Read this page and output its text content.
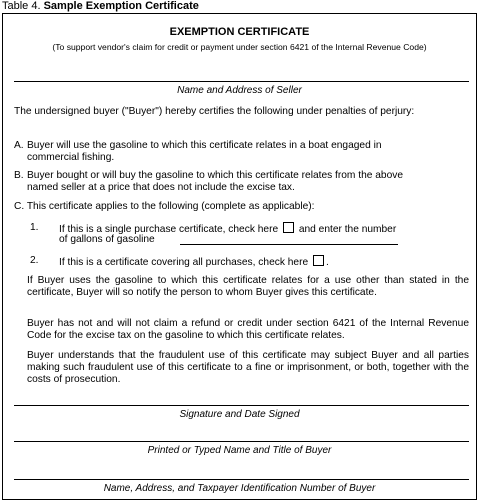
Table 4. Sample Exemption Certificate
EXEMPTION CERTIFICATE
(To support vendor's claim for credit or payment under section 6421 of the Internal Revenue Code)
Name and Address of Seller
The undersigned buyer ("Buyer") hereby certifies the following under penalties of perjury:
A. Buyer will use the gasoline to which this certificate relates in a boat engaged in
commercial fishing.
B. Buyer bought or will buy the gasoline to which this certificate relates from the above
named seller at a price that does not include the excise tax.
C. This certificate applies to the following (complete as applicable):
1. If this is a single purchase certificate, check here and enter the number
of gallons of gasoline
2. If this is a certificate covering all purchases, check here .
If Buyer uses the gasoline to which this certificate relates for a use other than stated in the certificate, Buyer will so notify the person to whom Buyer gives this certificate.
Buyer has not and will not claim a refund or credit under section 6421 of the Internal Revenue Code for the excise tax on the gasoline to which this certificate relates.
Buyer understands that the fraudulent use of this certificate may subject Buyer and all parties making such fraudulent use of this certificate to a fine or imprisonment, or both, together with the costs of prosecution.
Signature and Date Signed
Printed or Typed Name and Title of Buyer
Name, Address, and Taxpayer Identification Number of Buyer
